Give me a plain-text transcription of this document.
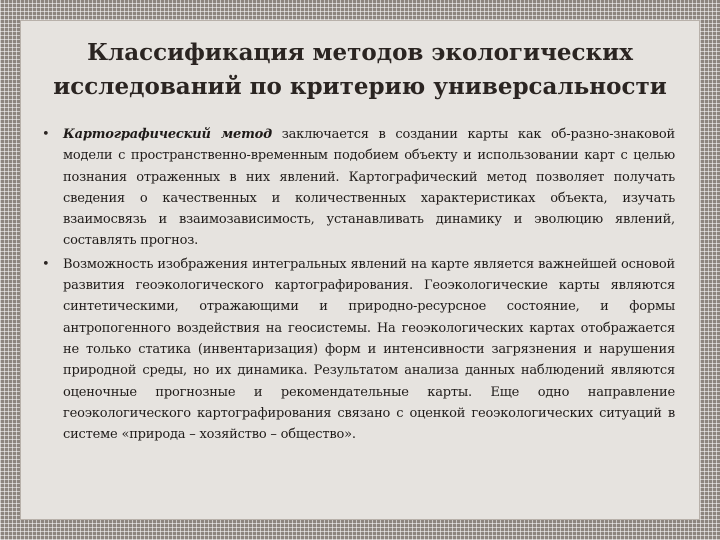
Классификация методов экологических исследований по критерию универсальности
• Картографический метод заключается в создании карты как об-разно-знаковой модели с пространственно-временным подобием объекту и использовании карт с целью познания отраженных в них явлений. Картографический метод позволяет получать сведения о качественных и количественных характеристиках объекта, изучать взаимосвязь и взаимозависимость, устанавливать динамику и эволюцию явлений, составлять прогноз.
• Возможность изображения интегральных явлений на карте является важнейшей основой развития геоэкологического картографирования. Геоэкологические карты являются синтетическими, отражающими и природно-ресурсное состояние, и формы антропогенного воздействия на геосистемы. На геоэкологических картах отображается не только статика (инвентаризация) форм и интенсивности загрязнения и нарушения природной среды, но их динамика. Результатом анализа данных наблюдений являются оценочные прогнозные и рекомендательные карты. Еще одно направление геоэкологического картографирования связано с оценкой геоэкологических ситуаций в системе «природа – хозяйство – общество».
